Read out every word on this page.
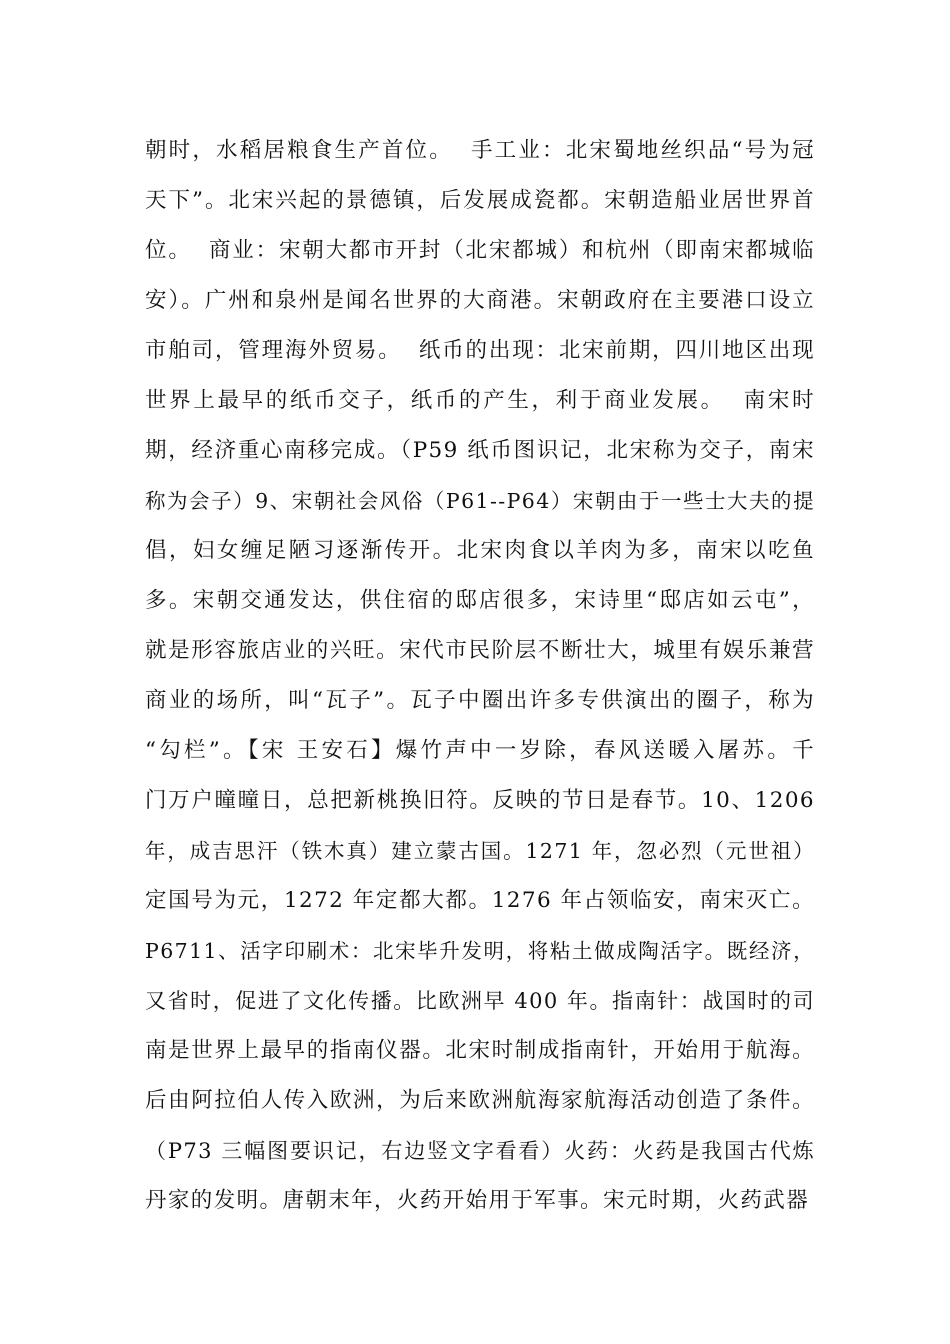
朝时，水稻居粮食生产首位。  手工业：北宋蜀地丝织品“号为冠
天下”。北宋兴起的景德镇，后发展成瓷都。宋朝造船业居世界首
位。  商业：宋朝大都市开封（北宋都城）和杭州（即南宋都城临
安）。广州和泉州是闻名世界的大商港。宋朝政府在主要港口设立
市舶司，管理海外贸易。  纸币的出现：北宋前期，四川地区出现
世界上最早的纸币交子，纸币的产生，利于商业发展。  南宋时
期，经济重心南移完成。（P59 纸币图识记，北宋称为交子，南宋
称为会子）9、宋朝社会风俗（P61--P64）宋朝由于一些士大夫的提
倡，妇女缠足陋习逐渐传开。北宋肉食以羊肉为多，南宋以吃鱼
多。宋朝交通发达，供住宿的邸店很多，宋诗里“邸店如云屯”，
就是形容旅店业的兴旺。宋代市民阶层不断壮大，城里有娱乐兼营
商业的场所，叫“瓦子”。瓦子中圈出许多专供演出的圈子，称为
“勾栏”。【宋 王安石】爆竹声中一岁除，春风送暖入屠苏。千
门万户曈曈日，总把新桃换旧符。反映的节日是春节。10、1206
年，成吉思汗（铁木真）建立蒙古国。1271 年，忽必烈（元世祖）
定国号为元，1272 年定都大都。1276 年占领临安，南宋灭亡。
P6711、活字印刷术：北宋毕升发明，将粘土做成陶活字。既经济，
又省时，促进了文化传播。比欧洲早 400 年。指南针：战国时的司
南是世界上最早的指南仪器。北宋时制成指南针，开始用于航海。
后由阿拉伯人传入欧洲，为后来欧洲航海家航海活动创造了条件。
（P73 三幅图要识记，右边竖文字看看）火药：火药是我国古代炼
丹家的发明。唐朝末年，火药开始用于军事。宋元时期，火药武器
